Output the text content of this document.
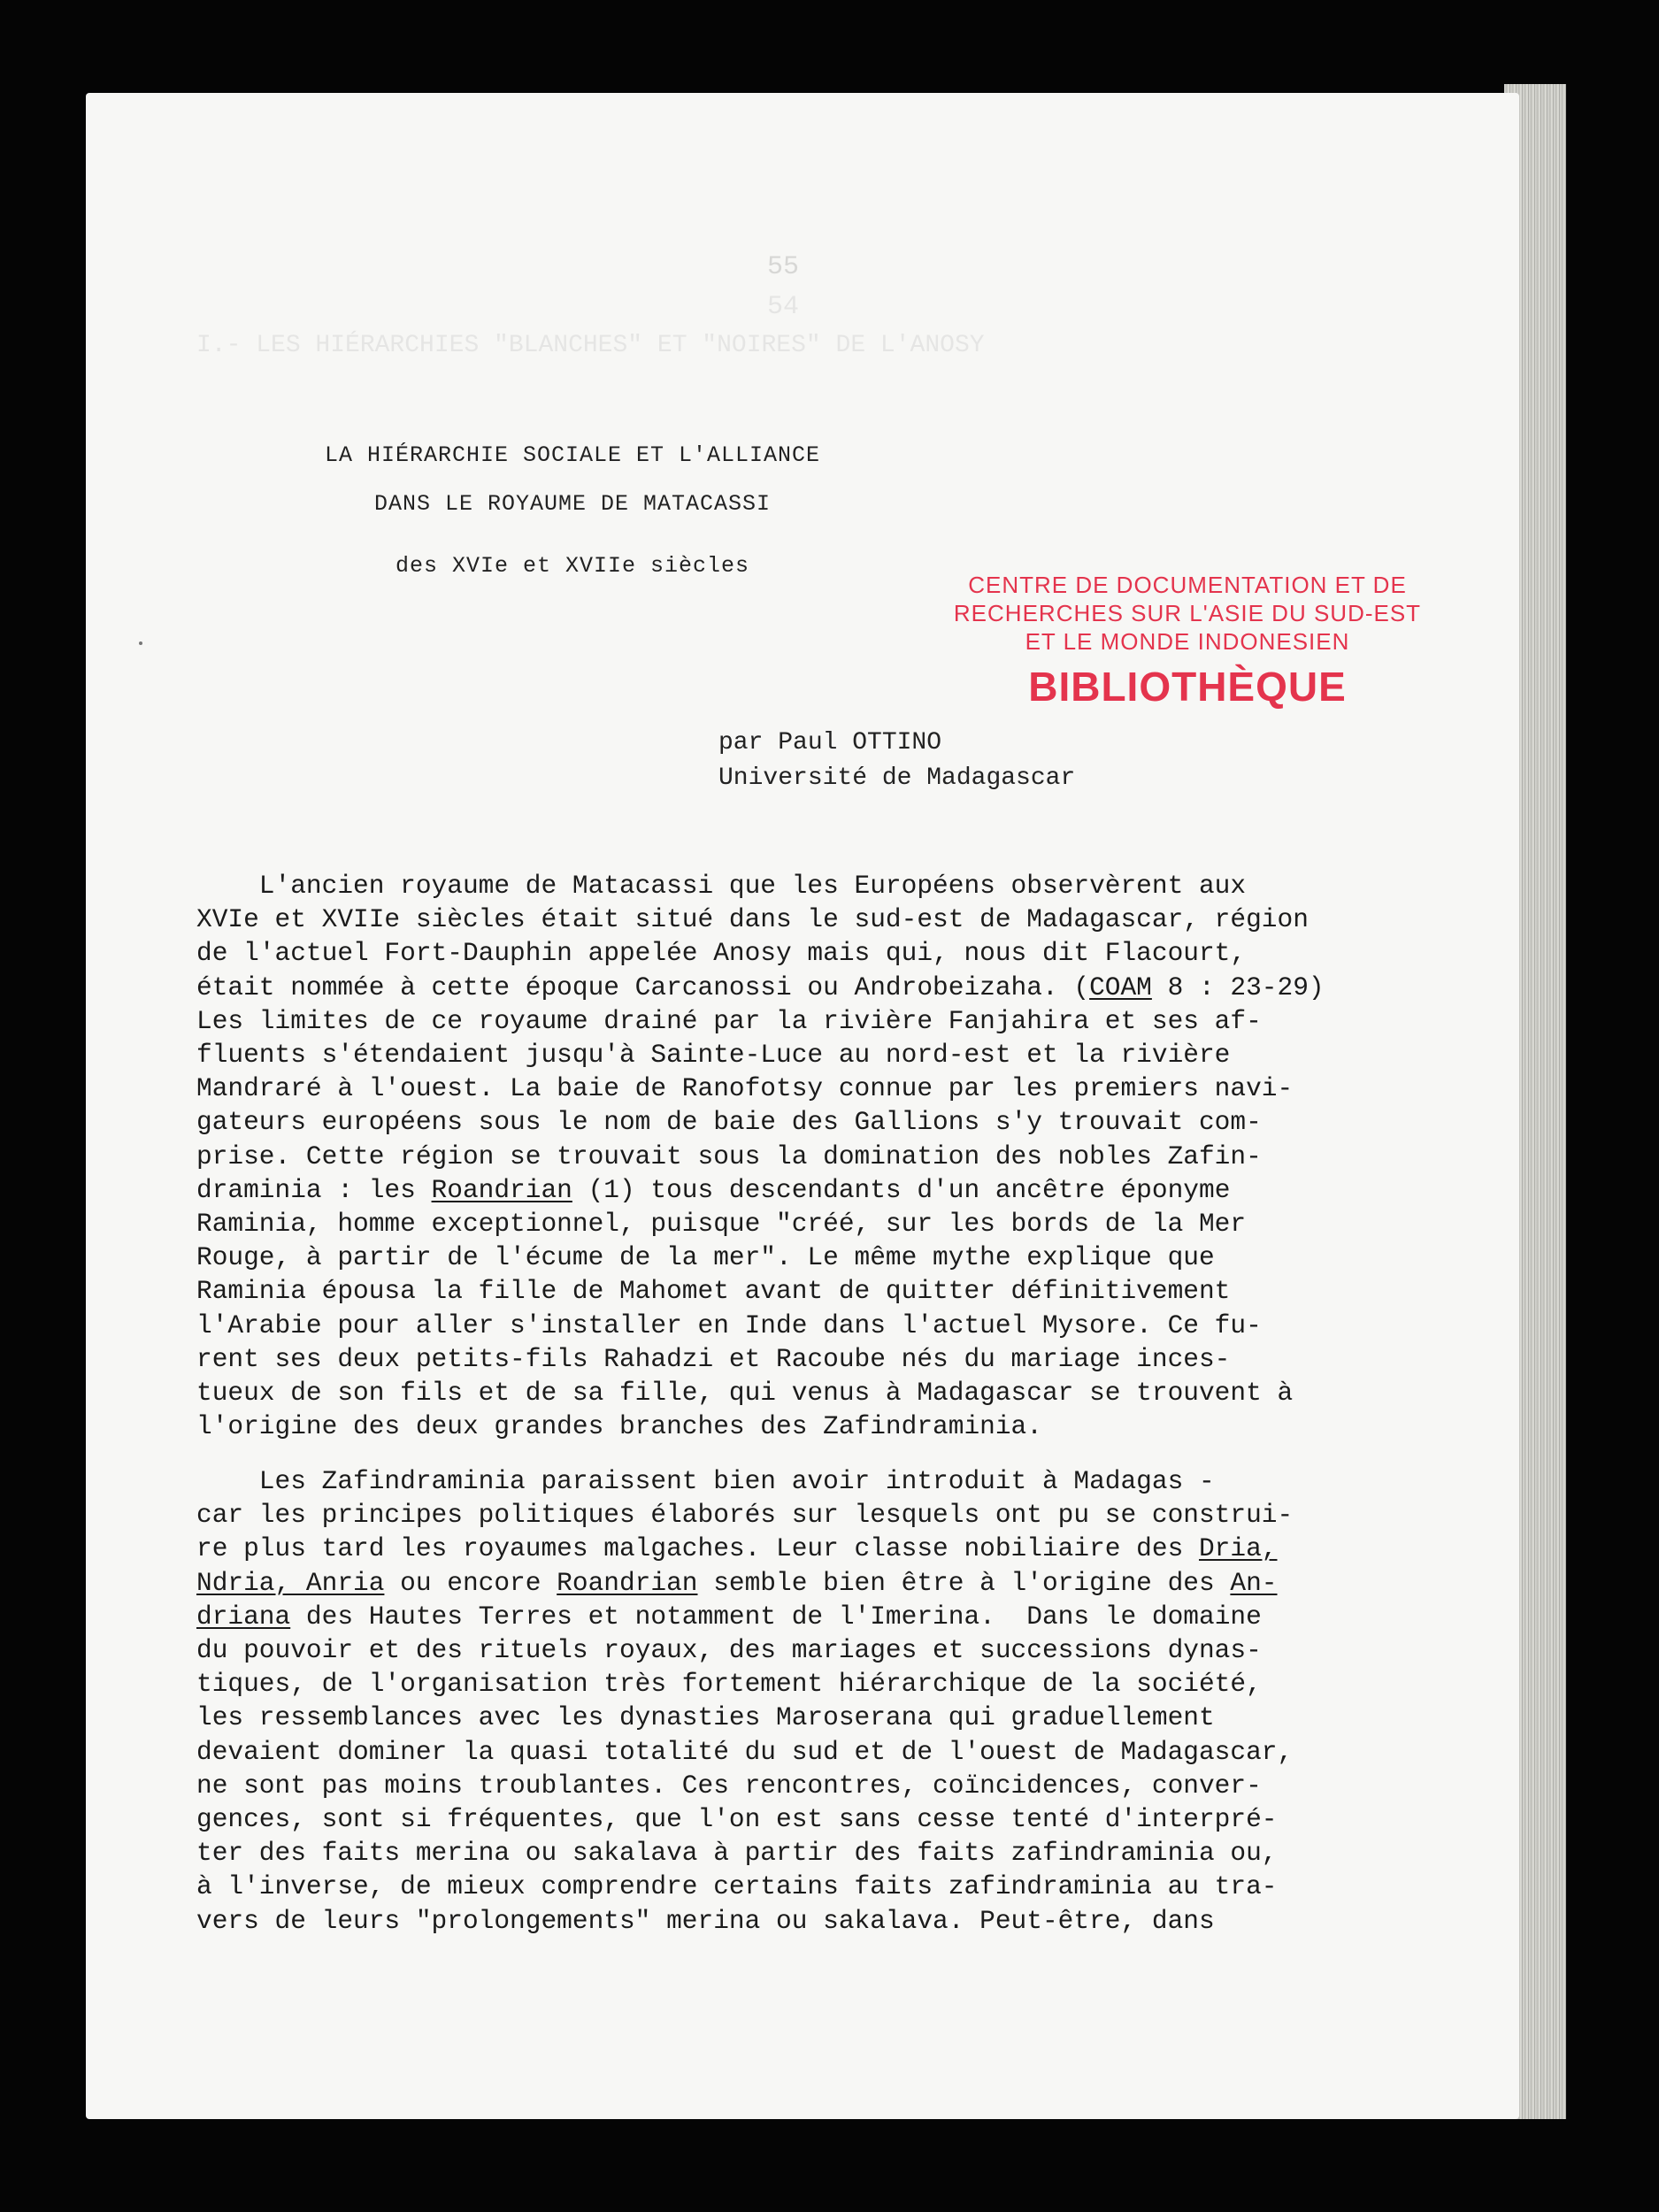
55
54
I.- LES HIÉRARCHIES "BLANCHES" ET "NOIRES" DE L'ANOSY
LA HIÉRARCHIE SOCIALE ET L'ALLIANCE
DANS LE ROYAUME DE MATACASSI
des XVIe et XVIIe siècles
CENTRE DE DOCUMENTATION ET DE
RECHERCHES SUR L'ASIE DU SUD-EST
ET LE MONDE INDONESIEN
BIBLIOTHÈQUE
par Paul OTTINO
Université de Madagascar
L'ancien royaume de Matacassi que les Européens observèrent aux
XVIe et XVIIe siècles était situé dans le sud-est de Madagascar, région
de l'actuel Fort-Dauphin appelée Anosy mais qui, nous dit Flacourt,
était nommée à cette époque Carcanossi ou Androbeizaha. (COAM 8 : 23-29)
Les limites de ce royaume drainé par la rivière Fanjahira et ses af-
fluents s'étendaient jusqu'à Sainte-Luce au nord-est et la rivière
Mandraré à l'ouest. La baie de Ranofotsy connue par les premiers navi-
gateurs européens sous le nom de baie des Gallions s'y trouvait com-
prise. Cette région se trouvait sous la domination des nobles Zafin-
draminia : les Roandrian (1) tous descendants d'un ancêtre éponyme
Raminia, homme exceptionnel, puisque "créé, sur les bords de la Mer
Rouge, à partir de l'écume de la mer". Le même mythe explique que
Raminia épousa la fille de Mahomet avant de quitter définitivement
l'Arabie pour aller s'installer en Inde dans l'actuel Mysore. Ce fu-
rent ses deux petits-fils Rahadzi et Racoube nés du mariage inces-
tueux de son fils et de sa fille, qui venus à Madagascar se trouvent à
l'origine des deux grandes branches des Zafindraminia.
Les Zafindraminia paraissent bien avoir introduit à Madagas -
car les principes politiques élaborés sur lesquels ont pu se construi-
re plus tard les royaumes malgaches. Leur classe nobiliaire des Dria,
Ndria, Anria ou encore Roandrian semble bien être à l'origine des An-
driana des Hautes Terres et notamment de l'Imerina.  Dans le domaine
du pouvoir et des rituels royaux, des mariages et successions dynas-
tiques, de l'organisation très fortement hiérarchique de la société,
les ressemblances avec les dynasties Maroserana qui graduellement
devaient dominer la quasi totalité du sud et de l'ouest de Madagascar,
ne sont pas moins troublantes. Ces rencontres, coïncidences, conver-
gences, sont si fréquentes, que l'on est sans cesse tenté d'interpré-
ter des faits merina ou sakalava à partir des faits zafindraminia ou,
à l'inverse, de mieux comprendre certains faits zafindraminia au tra-
vers de leurs "prolongements" merina ou sakalava. Peut-être, dans
